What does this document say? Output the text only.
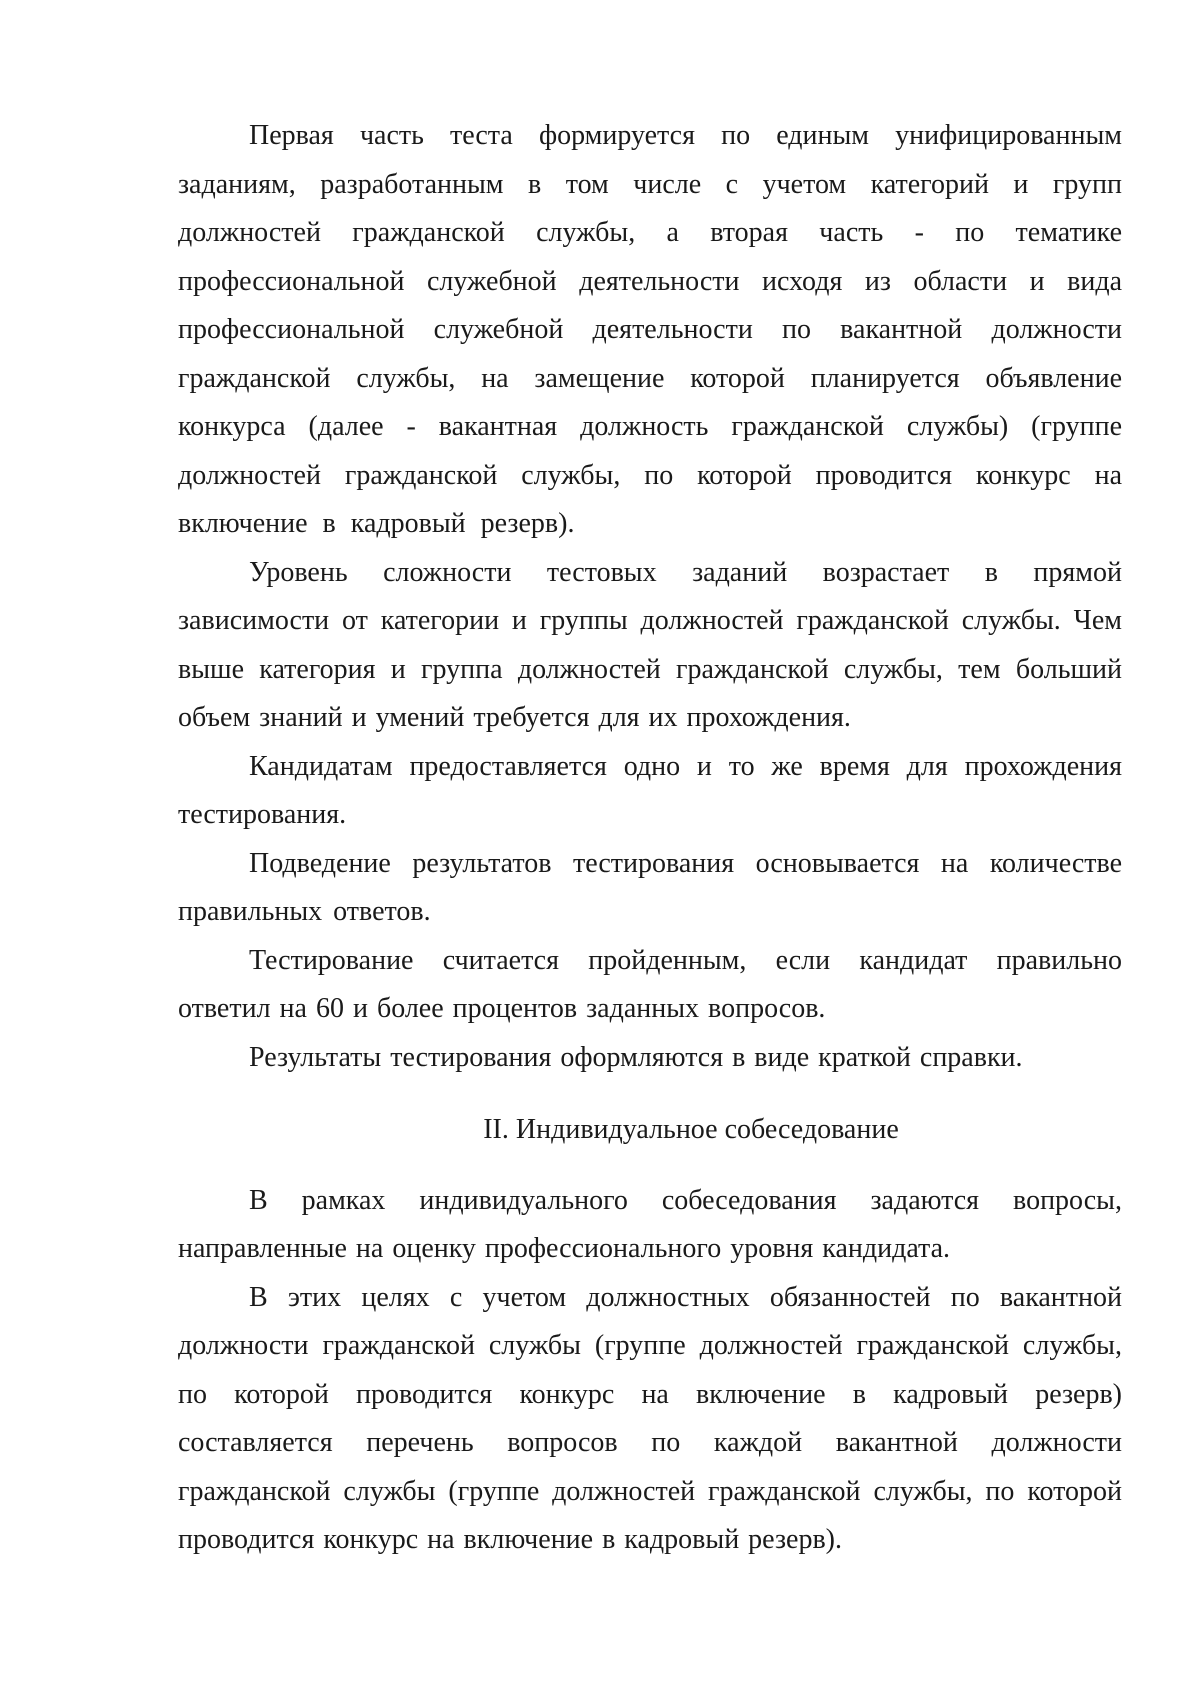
Первая часть теста формируется по единым унифицированным заданиям, разработанным в том числе с учетом категорий и групп должностей гражданской службы, а вторая часть - по тематике профессиональной служебной деятельности исходя из области и вида профессиональной служебной деятельности по вакантной должности гражданской службы, на замещение которой планируется объявление конкурса (далее - вакантная должность гражданской службы) (группе должностей гражданской службы, по которой проводится конкурс на включение в кадровый резерв).

Уровень сложности тестовых заданий возрастает в прямой зависимости от категории и группы должностей гражданской службы. Чем выше категория и группа должностей гражданской службы, тем больший объем знаний и умений требуется для их прохождения.

Кандидатам предоставляется одно и то же время для прохождения тестирования.

Подведение результатов тестирования основывается на количестве правильных ответов.

Тестирование считается пройденным, если кандидат правильно ответил на 60 и более процентов заданных вопросов.

Результаты тестирования оформляются в виде краткой справки.

II. Индивидуальное собеседование

В рамках индивидуального собеседования задаются вопросы, направленные на оценку профессионального уровня кандидата.

В этих целях с учетом должностных обязанностей по вакантной должности гражданской службы (группе должностей гражданской службы, по которой проводится конкурс на включение в кадровый резерв) составляется перечень вопросов по каждой вакантной должности гражданской службы (группе должностей гражданской службы, по которой проводится конкурс на включение в кадровый резерв).
